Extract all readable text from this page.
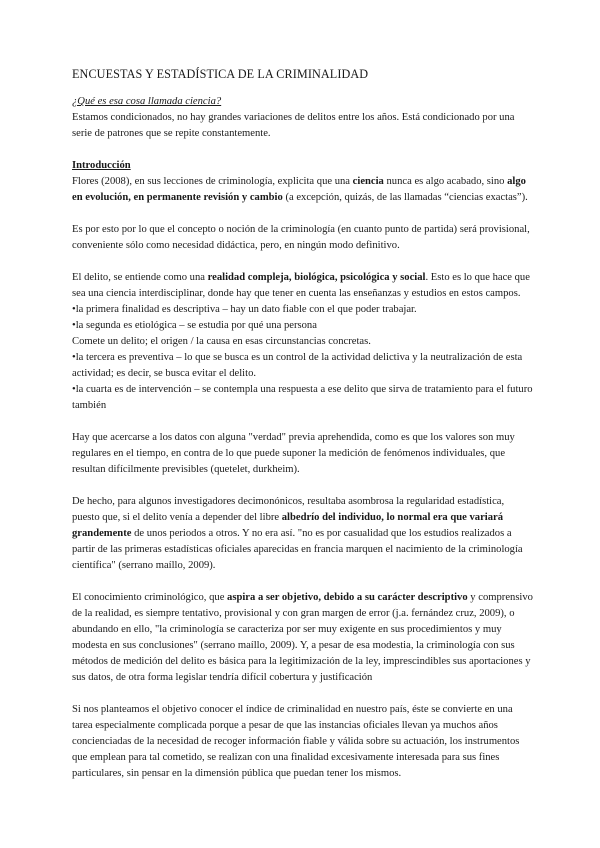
ENCUESTAS Y ESTADÍSTICA DE LA CRIMINALIDAD

¿Qué es esa cosa llamada ciencia?

Estamos condicionados, no hay grandes variaciones de delitos entre los años. Está condicionado por una serie de patrones que se repite constantemente.

Introducción

Flores (2008), en sus lecciones de criminología, explicita que una ciencia nunca es algo acabado, sino algo en evolución, en permanente revisión y cambio (a excepción, quizás, de las llamadas “ciencias exactas”).

Es por esto por lo que el concepto o noción de la criminología (en cuanto punto de partida) será provisional, conveniente sólo como necesidad didáctica, pero, en ningún modo definitivo.

El delito, se entiende como una realidad compleja, biológica, psicológica y social. Esto es lo que hace que sea una ciencia interdisciplinar, donde hay que tener en cuenta las enseñanzas y estudios en estos campos.

•la primera finalidad es descriptiva – hay un dato fiable con el que poder trabajar.

•la segunda es etiológica – se estudia por qué una persona

Comete un delito; el origen / la causa en esas circunstancias concretas.

•la tercera es preventiva – lo que se busca es un control de la actividad delictiva y la neutralización de esta actividad; es decir, se busca evitar el delito.

•la cuarta es de intervención – se contempla una respuesta a ese delito que sirva de tratamiento para el futuro también

Hay que acercarse a los datos con alguna "verdad" previa aprehendida, como es que los valores son muy regulares en el tiempo, en contra de lo que puede suponer la medición de fenómenos individuales, que resultan difícilmente previsibles (quetelet, durkheim).

De hecho, para algunos investigadores decimonónicos, resultaba asombrosa la regularidad estadística, puesto que, si el delito venía a depender del libre albedrío del individuo, lo normal era que variará grandemente de unos periodos a otros. Y no era así. "no es por casualidad que los estudios realizados a partir de las primeras estadísticas oficiales aparecidas en francia marquen el nacimiento de la criminología científica" (serrano maíllo, 2009).

El conocimiento criminológico, que aspira a ser objetivo, debido a su carácter descriptivo y comprensivo de la realidad, es siempre tentativo, provisional y con gran margen de error (j.a. fernández cruz, 2009), o abundando en ello, "la criminología se caracteriza por ser muy exigente en sus procedimientos y muy modesta en sus conclusiones" (serrano maíllo, 2009). Y, a pesar de esa modestia, la criminología con sus métodos de medición del delito es básica para la legitimización de la ley, imprescindibles sus aportaciones y sus datos, de otra forma legislar tendría difícil cobertura y justificación

Si nos planteamos el objetivo conocer el índice de criminalidad en nuestro país, éste se convierte en una tarea especialmente complicada porque a pesar de que las instancias oficiales llevan ya muchos años concienciadas de la necesidad de recoger información fiable y válida sobre su actuación, los instrumentos que emplean para tal cometido, se realizan con una finalidad excesivamente interesada para sus fines particulares, sin pensar en la dimensión pública que puedan tener los mismos.
